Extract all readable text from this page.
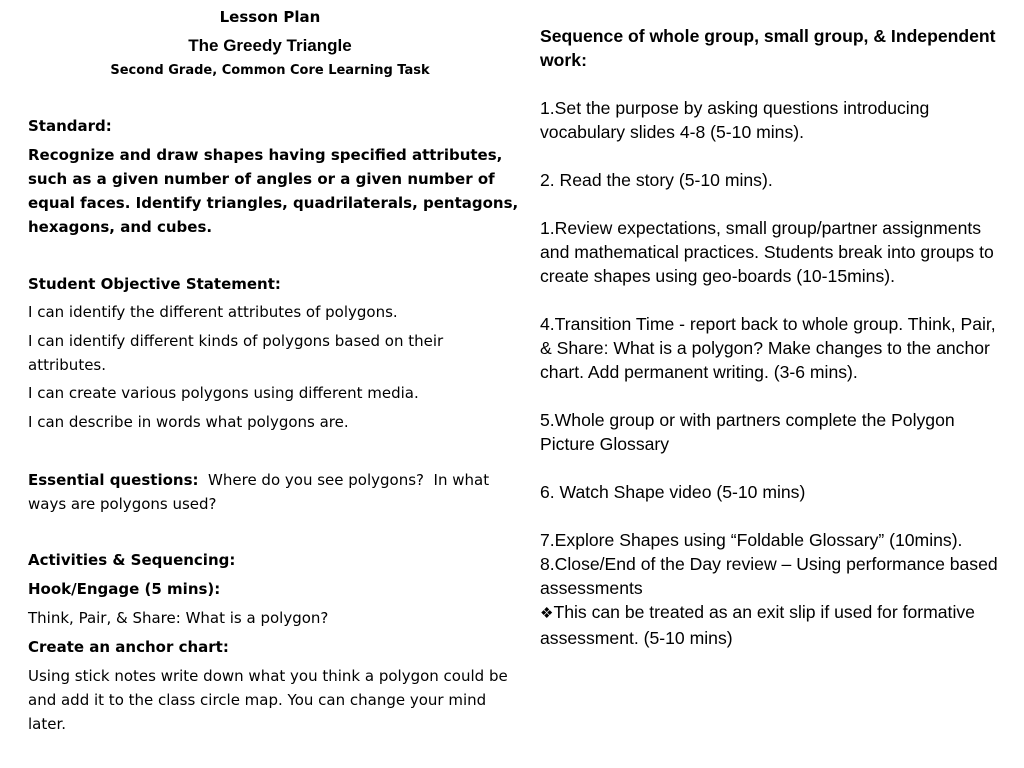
Lesson Plan
The Greedy Triangle
Second Grade, Common Core Learning Task
Standard:
Recognize and draw shapes having specified attributes, such as a given number of angles or a given number of equal faces. Identify triangles, quadrilaterals, pentagons, hexagons, and cubes.
Student Objective Statement:
I can identify the different attributes of polygons.
I can identify different kinds of polygons based on their attributes.
I can create various polygons using different media.
I can describe in words what polygons are.
Essential questions:  Where do you see polygons?  In what ways are polygons used?
Activities & Sequencing:
Hook/Engage (5 mins):
Think, Pair, & Share: What is a polygon?
Create an anchor chart:
Using stick notes write down what you think a polygon could be and add it to the class circle map. You can change your mind later.

Sequence of whole group, small group, & Independent work:

1.Set the purpose by asking questions introducing vocabulary slides 4-8 (5-10 mins).

2. Read the story (5-10 mins).

1.Review expectations, small group/partner assignments and mathematical practices. Students break into groups to create shapes using geo-boards (10-15mins).

4.Transition Time - report back to whole group. Think, Pair, & Share: What is a polygon? Make changes to the anchor chart. Add permanent writing. (3-6 mins).

5.Whole group or with partners complete the Polygon Picture Glossary

6. Watch Shape video (5-10 mins)

7.Explore Shapes using “Foldable Glossary” (10mins).

8.Close/End of the Day review – Using performance based assessments

❖This can be treated as an exit slip if used for formative assessment. (5-10 mins)
